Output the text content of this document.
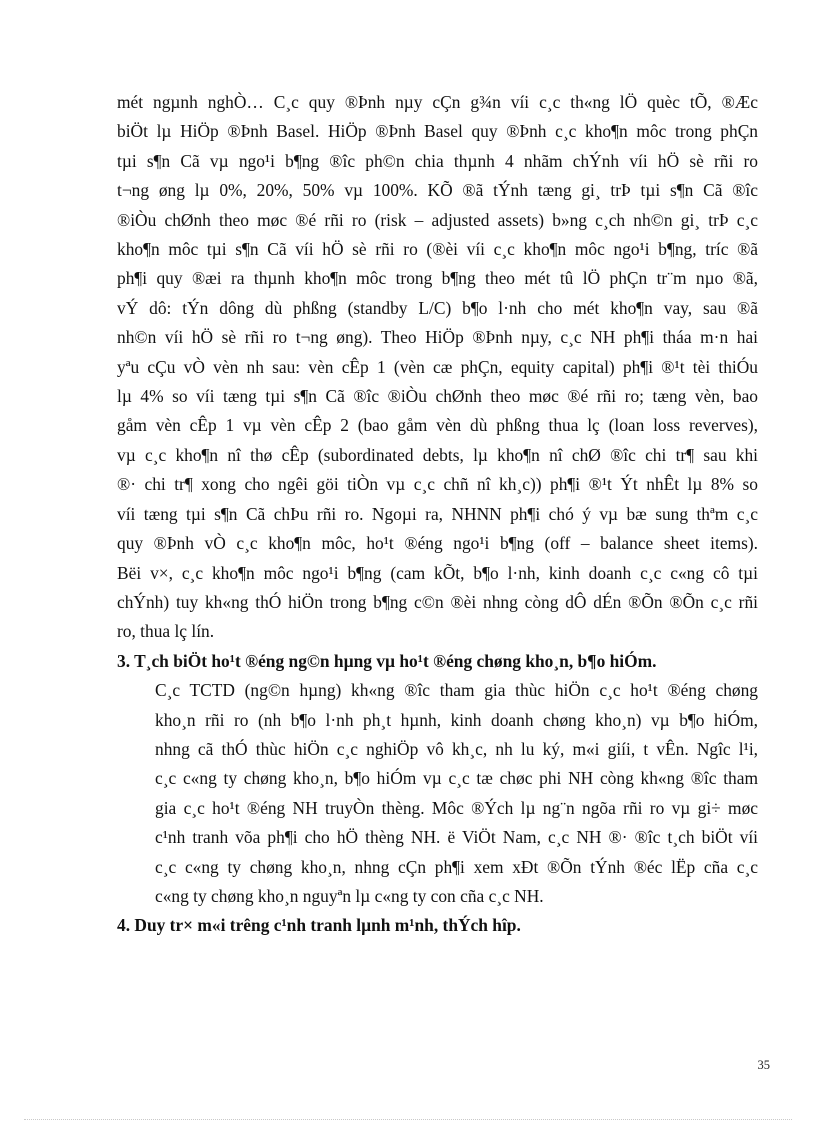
mét ngµnh nghÒ… C¸c quy ®Þnh nµy cÇn g¾n víi c¸c th«ng lÖ quèc tÕ, ®Æc
biÖt lµ HiÖp ®Þnh Basel. HiÖp ®Þnh Basel quy ®Þnh c¸c kho¶n môc trong phÇn
tµi s¶n Cã vµ ngo¹i b¶ng ®îc ph©n chia thµnh 4 nhãm chÝnh víi hÖ sè rñi ro
t¬ng øng lµ 0%, 20%, 50% vµ 100%. KÕ ®ã tÝnh tæng gi¸ trÞ tµi s¶n Cã ®îc
®iÒu chØnh theo møc ®é rñi ro (risk – adjusted assets) b»ng c¸ch nh©n gi¸ trÞ c¸c
kho¶n môc tµi s¶n Cã víi hÖ sè rñi ro (®èi víi c¸c kho¶n môc ngo¹i b¶ng, tríc ®ã
ph¶i quy ®æi ra thµnh kho¶n môc trong b¶ng theo mét tû lÖ phÇn tr¨m nµo ®ã,
vÝ dô: tÝn dông dù phßng (standby L/C) b¶o l·nh cho mét kho¶n vay, sau ®ã
nh©n víi hÖ sè rñi ro t¬ng øng). Theo HiÖp ®Þnh nµy, c¸c NH ph¶i tháa m·n hai
yªu cÇu vÒ vèn nh sau: vèn cÊp 1 (vèn cæ phÇn, equity capital) ph¶i ®¹t tèi thiÓu
lµ 4% so víi tæng tµi s¶n Cã ®îc ®iÒu chØnh theo møc ®é rñi ro; tæng vèn, bao
gåm vèn cÊp 1 vµ vèn cÊp 2 (bao gåm vèn dù phßng thua lç (loan loss reverves),
vµ c¸c kho¶n nî thø cÊp (subordinated debts, lµ kho¶n nî chØ ®îc chi tr¶ sau khi
®· chi tr¶ xong cho ngêi göi tiÒn vµ c¸c chñ nî kh¸c)) ph¶i ®¹t Ýt nhÊt lµ 8% so
víi tæng tµi s¶n Cã chÞu rñi ro. Ngoµi ra, NHNN ph¶i chó ý vµ bæ sung thªm c¸c
quy ®Þnh vÒ c¸c kho¶n môc, ho¹t ®éng ngo¹i b¶ng (off – balance sheet items).
Bëi v×, c¸c kho¶n môc ngo¹i b¶ng (cam kÕt, b¶o l·nh, kinh doanh c¸c c«ng cô tµi
chÝnh) tuy kh«ng thÓ hiÖn trong b¶ng c©n ®èi nhng còng dÔ dÉn ®Õn ®Õn c¸c rñi
ro, thua lç lín.
3. T¸ch biÖt ho¹t ®éng ng©n hµng vµ ho¹t ®éng chøng kho¸n, b¶o hiÓm.
C¸c TCTD (ng©n hµng) kh«ng ®îc tham gia thùc hiÖn c¸c ho¹t ®éng chøng
kho¸n rñi ro (nh b¶o l·nh ph¸t hµnh, kinh doanh chøng kho¸n) vµ b¶o hiÓm,
nhng cã thÓ thùc hiÖn c¸c nghiÖp vô kh¸c, nh lu ký, m«i giíi, t vÊn. Ngîc l¹i,
c¸c c«ng ty chøng kho¸n, b¶o hiÓm vµ c¸c tæ chøc phi NH còng kh«ng ®îc tham
gia c¸c ho¹t ®éng NH truyÒn thèng. Môc ®Ých lµ ng¨n ngõa rñi ro vµ gi÷ møc
c¹nh tranh võa ph¶i cho hÖ thèng NH. ë ViÖt Nam, c¸c NH ®· ®îc t¸ch biÖt víi
c¸c c«ng ty chøng kho¸n, nhng cÇn ph¶i xem xÐt ®Õn tÝnh ®éc lËp cña c¸c
c«ng ty chøng kho¸n nguyªn lµ c«ng ty con cña c¸c NH.
4. Duy tr× m«i trêng c¹nh tranh lµnh m¹nh, thÝch hîp.
35
